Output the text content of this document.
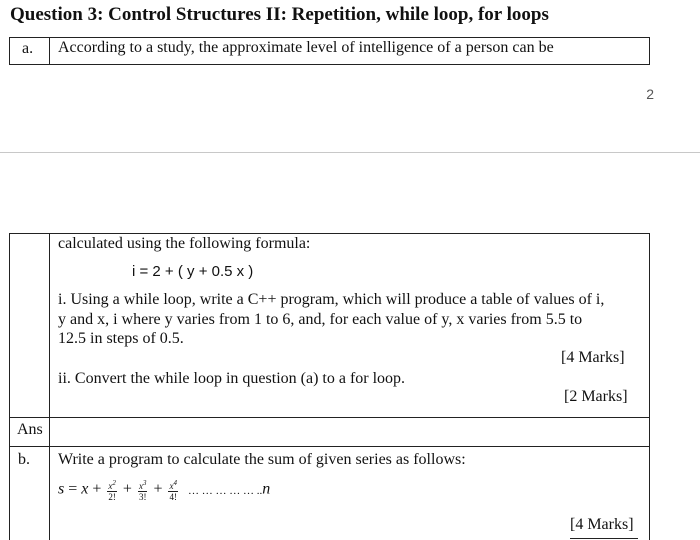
Question 3: Control Structures II: Repetition, while loop, for loops
a. According to a study, the approximate level of intelligence of a person can be
2
calculated using the following formula:
i = 2 + ( y + 0.5 x )
i. Using a while loop, write a C++ program, which will produce a table of values of i,
y and x, i where y varies from 1 to 6, and, for each value of y, x varies from 5.5 to
12.5 in steps of 0.5.
[4 Marks]
ii. Convert the while loop in question (a) to a for loop.
[2 Marks]
Ans
b. Write a program to calculate the sum of given series as follows:
$s = x + \frac{x^2}{2!} + \frac{x^3}{3!} + \frac{x^4}{4!}$ … … … … … ..n
[4 Marks]
